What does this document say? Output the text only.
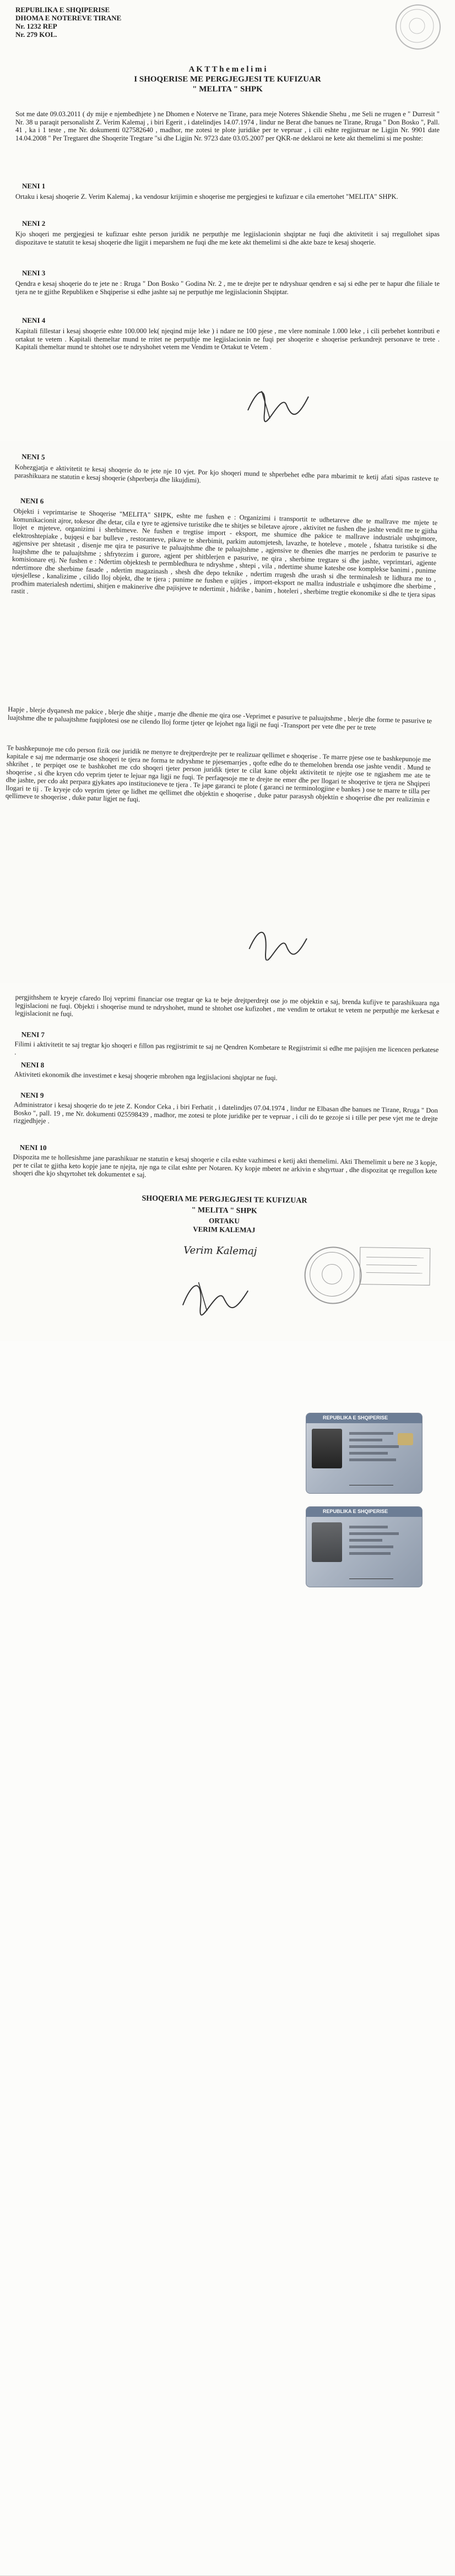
REPUBLIKA E SHQIPERISE
DHOMA E NOTEREVE TIRANE
Nr. 1232 REP
Nr. 279 KOL.
A K T T h e m e l i m i
I SHOQERISE ME PERGJEGJESI TE KUFIZUAR
" MELITA " SHPK
Sot me date 09.03.2011 ( dy mije e njembedhjete ) ne Dhomen e Noterve ne Tirane, para meje Noteres Shkendie Shehu , me Seli ne rrugen e " Durresit " Nr. 38 u paraqit personalisht Z. Verim Kalemaj , i biri Egerit , i datelindjes 14.07.1974 , lindur ne Berat dhe banues ne Tirane, Rruga " Don Bosko ", Pall. 41 , ka i 1 teste , me Nr. dokumenti 027582640 , madhor, me zotesi te plote juridike per te vepruar , i cili eshte regjistruar ne Ligjin Nr. 9901 date 14.04.2008 " Per Tregtaret dhe Shoqerite Tregtare "si dhe Ligjin Nr. 9723 date 03.05.2007 per QKR-ne deklaroi ne kete akt themelimi si me poshte:
NENI 1
Ortaku i kesaj shoqerie Z. Verim Kalemaj , ka vendosur krijimin e shoqerise me pergjegjesi te kufizuar e cila emertohet "MELITA" SHPK.
NENI 2
Kjo shoqeri me pergjegjesi te kufizuar eshte person juridik ne perputhje me legjislacionin shqiptar ne fuqi dhe aktivitetit i saj rregullohet sipas dispozitave te statutit te kesaj shoqerie dhe ligjit i meparshem ne fuqi dhe me kete akt themelimi si dhe akte baze te kesaj shoqerie.
NENI 3
Qendra e kesaj shoqerie do te jete ne : Rruga " Don Bosko " Godina Nr. 2 , me te drejte per te ndryshuar qendren e saj si edhe per te hapur dhe filiale te tjera ne te gjithe Republiken e Shqiperise si edhe jashte saj ne perputhje me legjislacionin Shqiptar.
NENI 4
Kapitali fillestar i kesaj shoqerie eshte 100.000 lek( njeqind mije leke ) i ndare ne 100 pjese , me vlere nominale 1.000 leke , i cili perbehet kontributi e ortakut te vetem . Kapitali themeltar mund te rritet ne perputhje me legjislacionin ne fuqi per shoqerite e shoqerise perkundrejt personave te trete . Kapitali themeltar mund te shtohet ose te ndryshohet vetem me Vendim te Ortakut te Vetem .
NENI 5
Kohezgjatja e aktivitetit te kesaj shoqerie do te jete nje 10 vjet. Por kjo shoqeri mund te shperbehet edhe para mbarimit te ketij afati sipas rasteve te parashikuara ne statutin e kesaj shoqerie (shperberja dhe likujdimi).
NENI 6
Objekti i veprimtarise te Shoqerise "MELITA" SHPK, eshte me fushen e : Organizimi i transportit te udhetareve dhe te mallrave me mjete te komunikacionit ajror, tokesor dhe detar, cila e tyre te agjensive turistike dhe te shitjes se biletave ajrore , aktivitet ne fushen dhe jashte vendit me te gjitha llojet e mjeteve, organizimi i sherbimeve. Ne fushen e tregtise import - eksport, me shumice dhe pakice te mallrave industriale ushqimore, elektroshtepiake , bujqesi e bar bulleve , restoranteve, pikave te sherbimit, parkim automjetesh, lavazhe, te hoteleve , motele , fshatra turistike si dhe agjensive per shtetasit , disenje me qira te pasurive te paluajtshme dhe te paluajtshme , agjensive te dhenies dhe marrjes ne perdorim te pasurive te luajtshme dhe te paluajtshme ; shfrytezim i gurore, agjent per shitblerjen e pasurive, ne qira , sherbime tregtare si dhe jashte, veprimtari, agjente komisionare etj. Ne fushen e : Ndertim objektesh te permbledhura te ndryshme , shtepi , vila , ndertime shume kateshe ose komplekse banimi , punime ndertimore dhe sherbime fasade , ndertim magazinash , shesh dhe depo teknike , ndertim rrugesh dhe urash si dhe terminalesh te lidhura me to , ujesjellese , kanalizime , cilido lloj objekt, dhe te tjera ; punime ne fushen e ujitjes , import-eksport ne mallra industriale e ushqimore dhe sherbime , prodhim materialesh ndertimi, shitjen e makinerive dhe pajisjeve te ndertimit , hidrike , banim , hoteleri , sherbime tregtie ekonomike si dhe te tjera sipas rastit .
Hapje , blerje dyqanesh me pakice , blerje dhe shitje , marrje dhe dhenie me qira ose -Veprimet e pasurive te paluajtshme , blerje dhe forme te pasurive te luajtshme dhe te paluajtshme fuqiplotesi ose ne cilendo lloj forme tjeter qe lejohet nga ligji ne fuqi -Transport per vete dhe per te trete
Te bashkepunoje me cdo person fizik ose juridik ne menyre te drejtperdrejte per te realizuar qellimet e shoqerise . Te marre pjese ose te bashkepunoje me kapitale e saj me ndermarrje ose shoqeri te tjera ne forma te ndryshme te pjesemarrjes , qofte edhe do te themelohen brenda ose jashte vendit . Mund te shkrihet , te perpiqet ose te bashkohet me cdo shoqeri tjeter person juridik tjeter te cilat kane objekt aktivitetit te njejte ose te ngjashem me ate te shoqerise , si dhe kryen cdo veprim tjeter te lejuar nga ligji ne fuqi. Te perfaqesoje me te drejte ne emer dhe per llogari te shoqerive te tjera ne Shqiperi dhe jashte, per cdo akt perpara gjykates apo institucioneve te tjera . Te jape garanci te plote ( garanci ne terminologjine e bankes ) ose te marre te tilla per llogari te tij . Te kryeje cdo veprim tjeter qe lidhet me qellimet dhe objektin e shoqerise , duke patur parasysh objektin e shoqerise dhe per realizimin e qellimeve te shoqerise , duke patur ligjet ne fuqi.
pergjithshem te kryeje cfaredo lloj veprimi financiar ose tregtar qe ka te beje drejtperdrejt ose jo me objektin e saj, brenda kufijve te parashikuara nga legjislacioni ne fuqi. Objekti i shoqerise mund te ndryshohet, mund te shtohet ose kufizohet , me vendim te ortakut te vetem ne perputhje me kerkesat e legjislacionit ne fuqi.
NENI 7
Filimi i aktivitetit te saj tregtar kjo shoqeri e fillon pas regjistrimit te saj ne Qendren Kombetare te Regjistrimit si edhe me pajisjen me licencen perkatese .
NENI 8
Aktiviteti ekonomik dhe investimet e kesaj shoqerie mbrohen nga legjislacioni shqiptar ne fuqi.
NENI 9
Administrator i kesaj shoqerie do te jete Z. Kondor Ceka , i biri Ferhatit , i datelindjes 07.04.1974 , lindur ne Elbasan dhe banues ne Tirane, Rruga " Don Bosko ", pall. 19 , me Nr. dokumenti 025598439 , madhor, me zotesi te plote juridike per te vepruar , i cili do te gezoje si i tille per pese vjet me te drejte rizgjedhjeje .
NENI 10
Dispozita me te hollesishme jane parashikuar ne statutin e kesaj shoqerie e cila eshte vazhimesi e ketij akti themelimi. Akti Themelimit u bere ne 3 kopje, per te cilat te gjitha keto kopje jane te njejta, nje nga te cilat eshte per Notaren. Ky kopje mbetet ne arkivin e shqyrtuar , dhe dispozitat qe rregullon kete shoqeri dhe kjo shqyrtohet tek dokumentet e saj.
SHOQERIA ME PERGJEGJESI TE KUFIZUAR
" MELITA " SHPK
ORTAKU
VERIM KALEMAJ
Verim Kalemaj
REPUBLIKA E SHQIPERISE
REPUBLIKA E SHQIPERISE
